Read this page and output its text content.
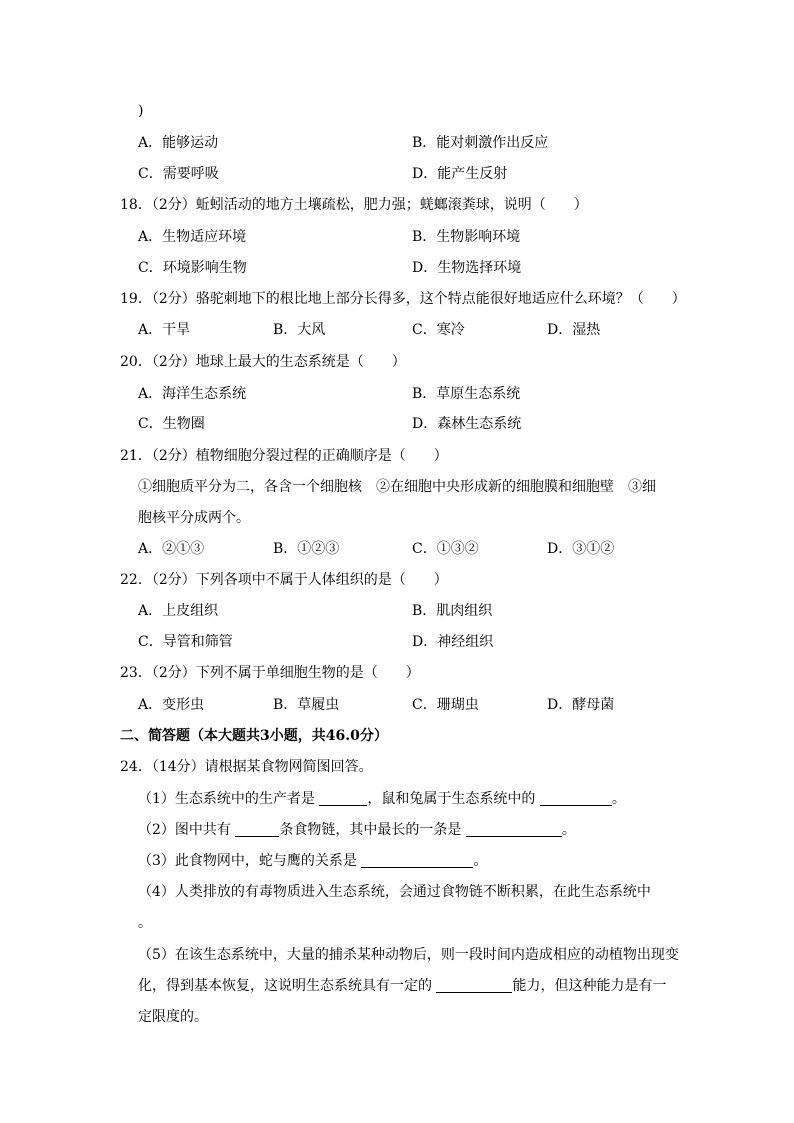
)
A．能够运动	B．能对刺激作出反应
C．需要呼吸	D．能产生反射
18．（2分）蚯蚓活动的地方土壤疏松，肥力强；蜣螂滚粪球，说明（　　）
A．生物适应环境	B．生物影响环境
C．环境影响生物	D．生物选择环境
19．（2分）骆驼刺地下的根比地上部分长得多，这个特点能很好地适应什么环境？（　　）
A．干旱	B．大风	C．寒冷	D．湿热
20．（2分）地球上最大的生态系统是（　　）
A．海洋生态系统	B．草原生态系统
C．生物圈	D．森林生态系统
21．（2分）植物细胞分裂过程的正确顺序是（　　）
①细胞质平分为二，各含一个细胞核　②在细胞中央形成新的细胞膜和细胞壁　③细
胞核平分成两个。
A．②①③	B．①②③	C．①③②	D．③①②
22．（2分）下列各项中不属于人体组织的是（　　）
A．上皮组织	B．肌肉组织
C．导管和筛管	D．神经组织
23．（2分）下列不属于单细胞生物的是（　　）
A．变形虫	B．草履虫	C．珊瑚虫	D．酵母菌
二、简答题（本大题共3小题，共46.0分）
24．（14分）请根据某食物网简图回答。
（1）生态系统中的生产者是	，鼠和兔属于生态系统中的	。
（2）图中共有	条食物链，其中最长的一条是	。
（3）此食物网中，蛇与鹰的关系是	。
（4）人类排放的有毒物质进入生态系统，会通过食物链不断积累，在此生态系统中
。
（5）在该生态系统中，大量的捕杀某种动物后，则一段时间内造成相应的动植物出现变
化，得到基本恢复，这说明生态系统具有一定的	能力，但这种能力是有一
定限度的。
